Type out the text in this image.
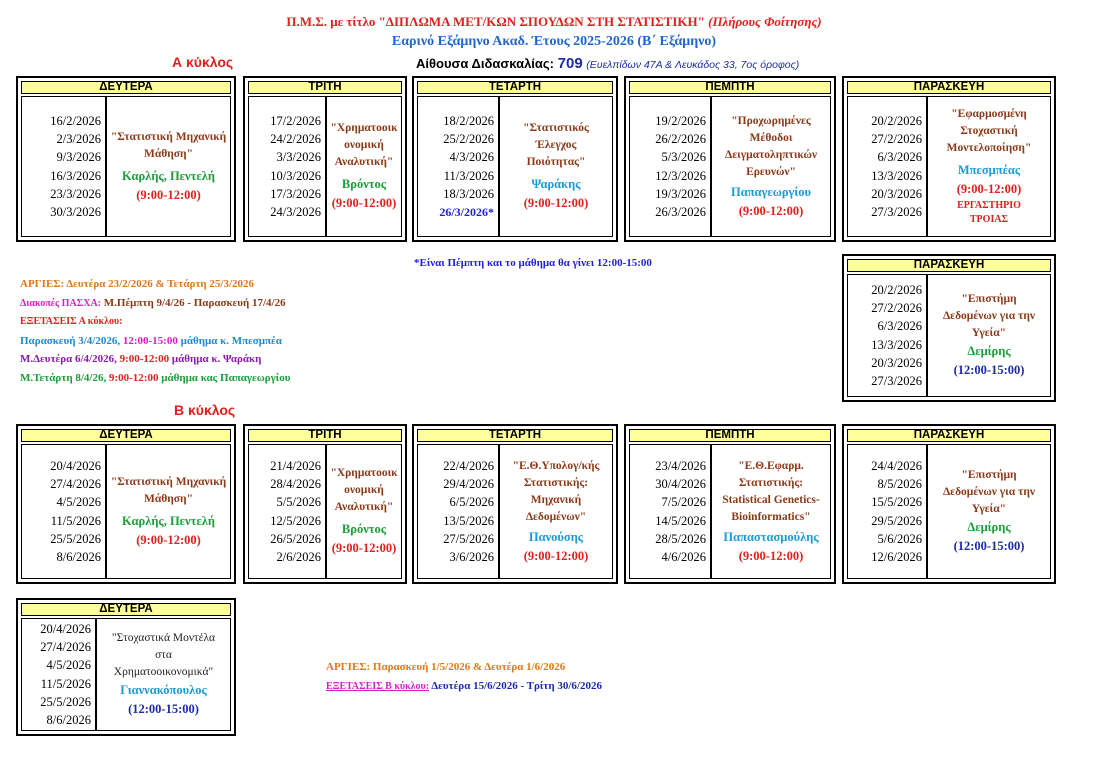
Π.Μ.Σ. με τίτλο "ΔΙΠΛΩΜΑ ΜΕΤ/ΚΩΝ ΣΠΟΥΔΩΝ ΣΤΗ ΣΤΑΤΙΣΤΙΚΗ" (Πλήρους Φοίτησης)
Εαρινό Εξάμηνο Ακαδ. Έτους 2025-2026 (Β΄ Εξάμηνο)
Α κύκλος	Αίθουσα Διδασκαλίας: 709 (Ευελπίδων 47Α & Λευκάδος 33, 7ος όροφος)
ΔΕΥΤΕΡΑ
16/2/2026
2/3/2026
9/3/2026
16/3/2026
23/3/2026
30/3/2026
"Στατιστική Μηχανική
Μάθηση"
Καρλής, Πεντελή
(9:00-12:00)
ΤΡΙΤΗ
17/2/2026
24/2/2026
3/3/2026
10/3/2026
17/3/2026
24/3/2026
"Χρηματοοικ
ονομική
Αναλυτική"
Βρόντος
(9:00-12:00)
ΤΕΤΑΡΤΗ
18/2/2026
25/2/2026
4/3/2026
11/3/2026
18/3/2026
26/3/2026*
"Στατιστικός
Έλεγχος
Ποιότητας"
Ψαράκης
(9:00-12:00)
ΠΕΜΠΤΗ
19/2/2026
26/2/2026
5/3/2026
12/3/2026
19/3/2026
26/3/2026
"Προχωρημένες
Μέθοδοι
Δειγματοληπτικών
Ερευνών"
Παπαγεωργίου
(9:00-12:00)
ΠΑΡΑΣΚΕΥΗ
20/2/2026
27/2/2026
6/3/2026
13/3/2026
20/3/2026
27/3/2026
"Εφαρμοσμένη
Στοχαστική
Μοντελοποίηση"
Μπεσμπέας
(9:00-12:00)
ΕΡΓΑΣΤΗΡΙΟ
ΤΡΟΙΑΣ
*Είναι Πέμπτη και το μάθημα θα γίνει 12:00-15:00	ΠΑΡΑΣΚΕΥΗ
20/2/2026
27/2/2026
6/3/2026
13/3/2026
20/3/2026
27/3/2026
"Επιστήμη
Δεδομένων για την
Υγεία"
Δεμίρης
(12:00-15:00)
ΑΡΓΙΕΣ: Δευτέρα 23/2/2026 & Τετάρτη 25/3/2026
Διακοπές ΠΑΣΧΑ: Μ.Πέμπτη 9/4/26 - Παρασκευή 17/4/26
ΕΞΕΤΑΣΕΙΣ Α κύκλου:
Παρασκευή 3/4/2026, 12:00-15:00 μάθημα κ. Μπεσμπέα
Μ.Δευτέρα 6/4/2026, 9:00-12:00 μάθημα κ. Ψαράκη
Μ.Τετάρτη 8/4/26, 9:00-12:00 μάθημα κας Παπαγεωργίου
Β κύκλος
ΔΕΥΤΕΡΑ
20/4/2026
27/4/2026
4/5/2026
11/5/2026
25/5/2026
8/6/2026
"Στατιστική Μηχανική
Μάθηση"
Καρλής, Πεντελή
(9:00-12:00)
ΤΡΙΤΗ
21/4/2026
28/4/2026
5/5/2026
12/5/2026
26/5/2026
2/6/2026
"Χρηματοοικ
ονομική
Αναλυτική"
Βρόντος
(9:00-12:00)
ΤΕΤΑΡΤΗ
22/4/2026
29/4/2026
6/5/2026
13/5/2026
27/5/2026
3/6/2026
"Ε.Θ.Υπολογ/κής
Στατιστικής:
Μηχανική
Δεδομένων"
Πανούσης
(9:00-12:00)
ΠΕΜΠΤΗ
23/4/2026
30/4/2026
7/5/2026
14/5/2026
28/5/2026
4/6/2026
"Ε.Θ.Εφαρμ.
Στατιστικής:
Statistical Genetics-
Bioinformatics"
Παπαστασμούλης
(9:00-12:00)
ΠΑΡΑΣΚΕΥΗ
24/4/2026
8/5/2026
15/5/2026
29/5/2026
5/6/2026
12/6/2026
"Επιστήμη
Δεδομένων για την
Υγεία"
Δεμίρης
(12:00-15:00)
ΔΕΥΤΕΡΑ
20/4/2026
27/4/2026
4/5/2026
11/5/2026
25/5/2026
8/6/2026
"Στοχαστικά Μοντέλα
στα
Χρηματοοικονομικά"
Γιαννακόπουλος
(12:00-15:00)
ΑΡΓΙΕΣ: Παρασκευή 1/5/2026 & Δευτέρα 1/6/2026
ΕΞΕΤΑΣΕΙΣ Β κύκλου: Δευτέρα 15/6/2026 - Τρίτη 30/6/2026
